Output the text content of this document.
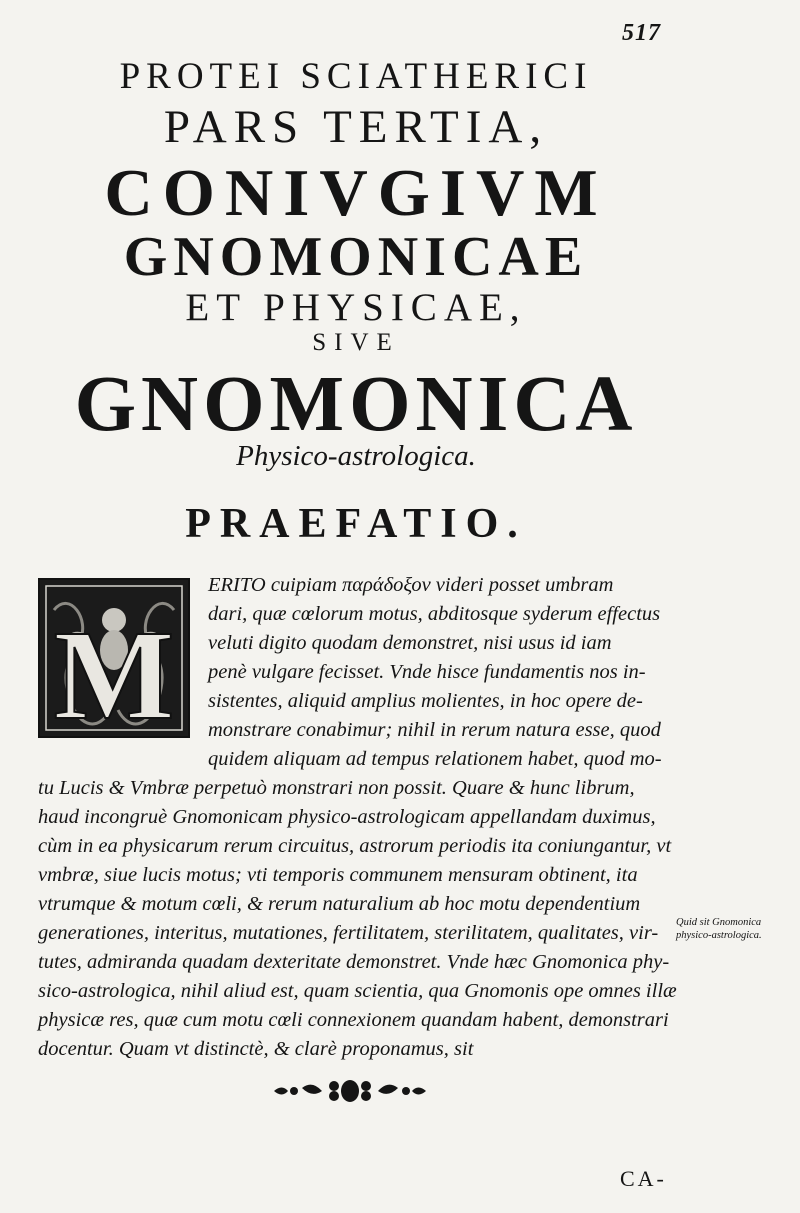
517
PROTEI SCIATHERICI
PARS TERTIA,
CONIVGIVM
GNOMONICAE
ET PHYSICAE,
SIVE
GNOMONICA
Physico-astrologica.
PRAEFATIO.
M
ERITO cuipiam παράδοξον videri posset umbram
dari, quæ cœlorum motus, abditosque syderum effectus
veluti digito quodam demonstret, nisi usus id iam
penè vulgare fecisset. Vnde hisce fundamentis nos in-
sistentes, aliquid amplius molientes, in hoc opere de-
monstrare conabimur; nihil in rerum natura esse, quod
quidem aliquam ad tempus relationem habet, quod mo-
tu Lucis & Vmbræ perpetuò monstrari non possit. Quare & hunc librum,
haud incongruè Gnomonicam physico-astrologicam appellandam duximus,
cùm in ea physicarum rerum circuitus, astrorum periodis ita coniungantur, vt
vmbræ, siue lucis motus; vti temporis communem mensuram obtinent, ita
vtrumque & motum cœli, & rerum naturalium ab hoc motu dependentium
generationes, interitus, mutationes, fertilitatem, sterilitatem, qualitates, vir-
tutes, admiranda quadam dexteritate demonstret. Vnde hæc Gnomonica phy-
sico-astrologica, nihil aliud est, quam scientia, qua Gnomonis ope omnes illæ
physicæ res, quæ cum motu cœli connexionem quandam habent, demonstrari
docentur. Quam vt distinctè, & clarè proponamus, sit
Quid sit Gnomonica physico-astrologica.
CA-
